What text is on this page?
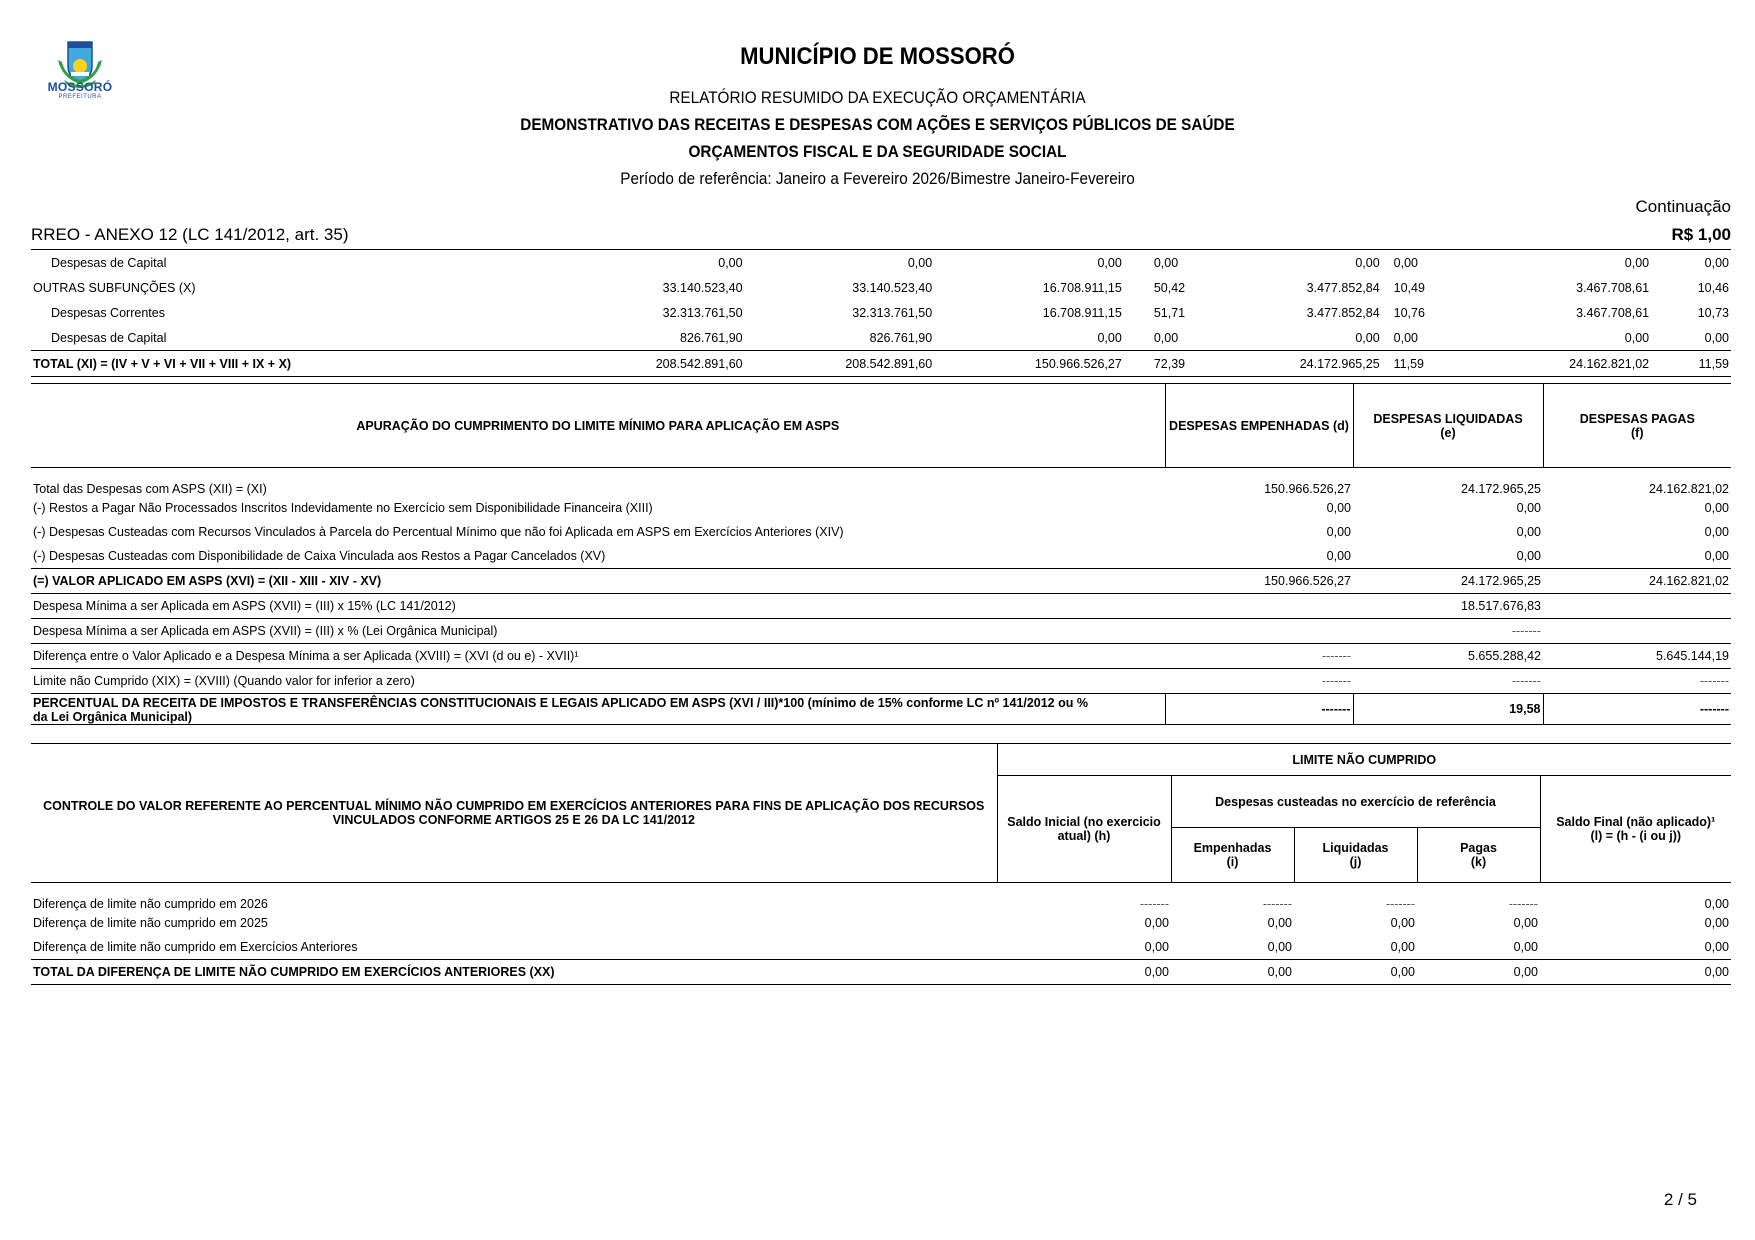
MOSSORÓ
PREFEITURA
MUNICÍPIO DE MOSSORÓ
RELATÓRIO RESUMIDO DA EXECUÇÃO ORÇAMENTÁRIA
DEMONSTRATIVO DAS RECEITAS E DESPESAS COM AÇÕES E SERVIÇOS PÚBLICOS DE SAÚDE
ORÇAMENTOS FISCAL E DA SEGURIDADE SOCIAL
Período de referência: Janeiro a Fevereiro 2026/Bimestre Janeiro-Fevereiro
Continuação
RREO - ANEXO 12 (LC 141/2012, art. 35)	R$ 1,00
Despesas de Capital	0,00	0,00	0,00	0,00	0,00	0,00	0,00	0,00
OUTRAS SUBFUNÇÕES (X)	33.140.523,40	33.140.523,40	16.708.911,15	50,42	3.477.852,84	10,49	3.467.708,61	10,46
Despesas Correntes	32.313.761,50	32.313.761,50	16.708.911,15	51,71	3.477.852,84	10,76	3.467.708,61	10,73
Despesas de Capital	826.761,90	826.761,90	0,00	0,00	0,00	0,00	0,00	0,00
TOTAL (XI) = (IV + V + VI + VII + VIII + IX + X)	208.542.891,60	208.542.891,60	150.966.526,27	72,39	24.172.965,25	11,59	24.162.821,02	11,59
APURAÇÃO DO CUMPRIMENTO DO LIMITE MÍNIMO PARA APLICAÇÃO EM ASPS	DESPESAS EMPENHADAS (d)	DESPESAS LIQUIDADAS
(e)

DESPESAS PAGAS
(f)

Total das Despesas com ASPS (XII) = (XI)	150.966.526,27	24.172.965,25	24.162.821,02
(-) Restos a Pagar Não Processados Inscritos Indevidamente no Exercício sem Disponibilidade Financeira (XIII)	0,00	0,00	0,00
(-) Despesas Custeadas com Recursos Vinculados à Parcela do Percentual Mínimo que não foi Aplicada em ASPS em Exercícios Anteriores (XIV)	0,00	0,00	0,00
(-) Despesas Custeadas com Disponibilidade de Caixa Vinculada aos Restos a Pagar Cancelados (XV)	0,00	0,00	0,00
(=) VALOR APLICADO EM ASPS (XVI) = (XII - XIII - XIV - XV)	150.966.526,27	24.172.965,25	24.162.821,02
Despesa Mínima a ser Aplicada em ASPS (XVII) = (III) x 15% (LC 141/2012)		18.517.676,83	
Despesa Mínima a ser Aplicada em ASPS (XVII) = (III) x % (Lei Orgânica Municipal)		-------	
Diferença entre o Valor Aplicado e a Despesa Mínima a ser Aplicada (XVIII) = (XVI (d ou e) - XVII)¹	-------	5.655.288,42	5.645.144,19
Limite não Cumprido (XIX) = (XVIII) (Quando valor for inferior a zero)	-------	-------	-------

PERCENTUAL DA RECEITA DE IMPOSTOS E TRANSFERÊNCIAS CONSTITUCIONAIS E LEGAIS APLICADO EM ASPS (XVI / III)*100 (mínimo de 15% conforme LC nº 141/2012 ou %
da Lei Orgânica Municipal)	-------	19,58	-------
CONTROLE DO VALOR REFERENTE AO PERCENTUAL MÍNIMO NÃO CUMPRIDO EM EXERCÍCIOS ANTERIORES PARA FINS DE APLICAÇÃO DOS RECURSOS
VINCULADOS CONFORME ARTIGOS 25 E 26 DA LC 141/2012	LIMITE NÃO CUMPRIDO				

Saldo Inicial (no exercicio
atual) (h)
	Despesas custeadas no exercício de referência	
Saldo Final (não aplicado)¹
(l) = (h - (i ou j))

Empenhadas
(i)

Liquidadas
(j)

Pagas
(k)

Diferença de limite não cumprido em 2026	-------	-------	-------	-------	0,00
Diferença de limite não cumprido em 2025	0,00	0,00	0,00	0,00	0,00
Diferença de limite não cumprido em Exercícios Anteriores	0,00	0,00	0,00	0,00	0,00
TOTAL DA DIFERENÇA DE LIMITE NÃO CUMPRIDO EM EXERCÍCIOS ANTERIORES (XX)	0,00	0,00	0,00	0,00	0,00
2 / 5
